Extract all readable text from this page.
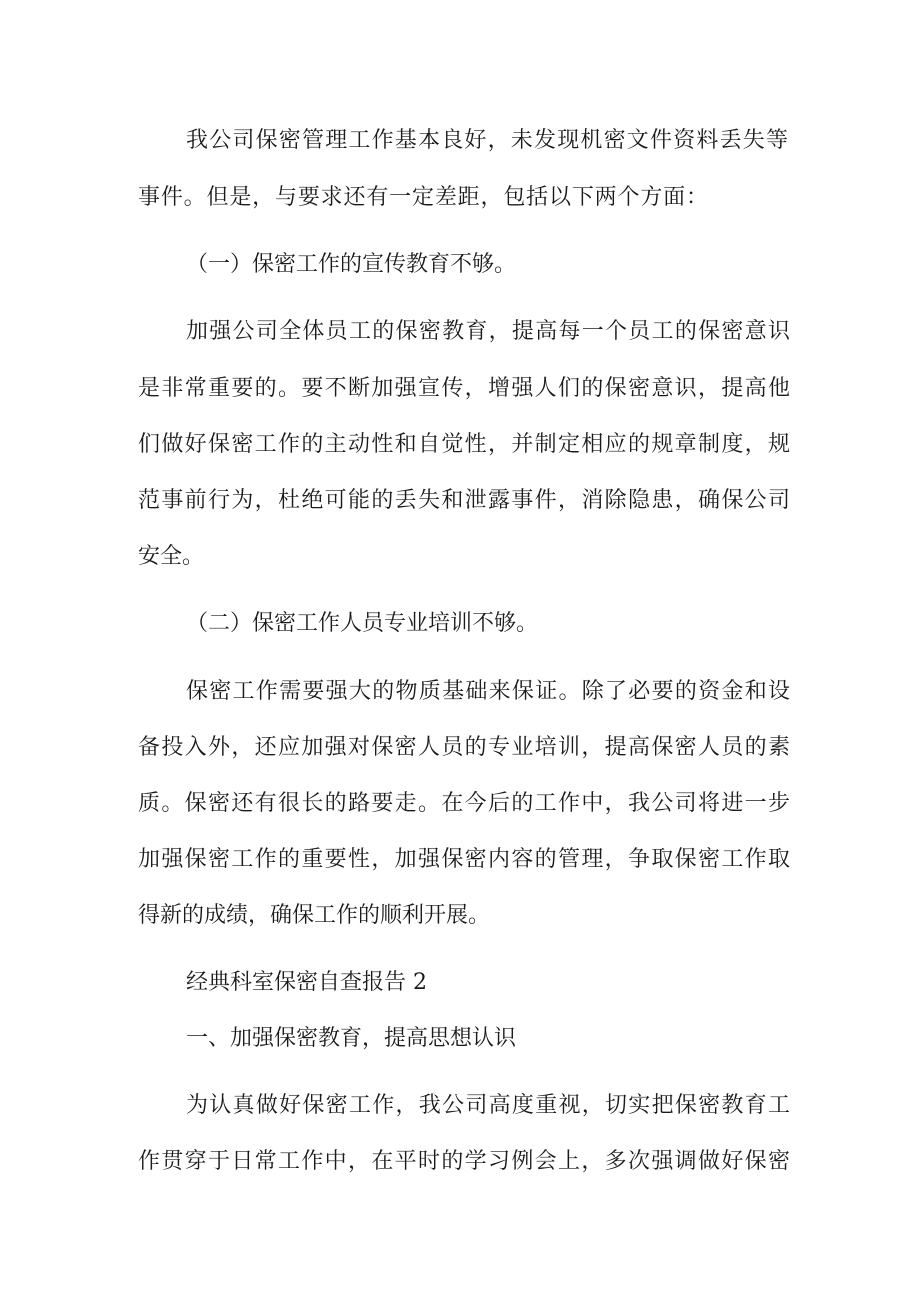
我公司保密管理工作基本良好，未发现机密文件资料丢失等
事件。但是，与要求还有一定差距，包括以下两个方面：
（一）保密工作的宣传教育不够。
加强公司全体员工的保密教育，提高每一个员工的保密意识
是非常重要的。要不断加强宣传，增强人们的保密意识，提高他
们做好保密工作的主动性和自觉性，并制定相应的规章制度，规
范事前行为，杜绝可能的丢失和泄露事件，消除隐患，确保公司
安全。
（二）保密工作人员专业培训不够。
保密工作需要强大的物质基础来保证。除了必要的资金和设
备投入外，还应加强对保密人员的专业培训，提高保密人员的素
质。保密还有很长的路要走。在今后的工作中，我公司将进一步
加强保密工作的重要性，加强保密内容的管理，争取保密工作取
得新的成绩，确保工作的顺利开展。
经典科室保密自查报告 2
一、加强保密教育，提高思想认识
为认真做好保密工作，我公司高度重视，切实把保密教育工
作贯穿于日常工作中，在平时的学习例会上，多次强调做好保密
